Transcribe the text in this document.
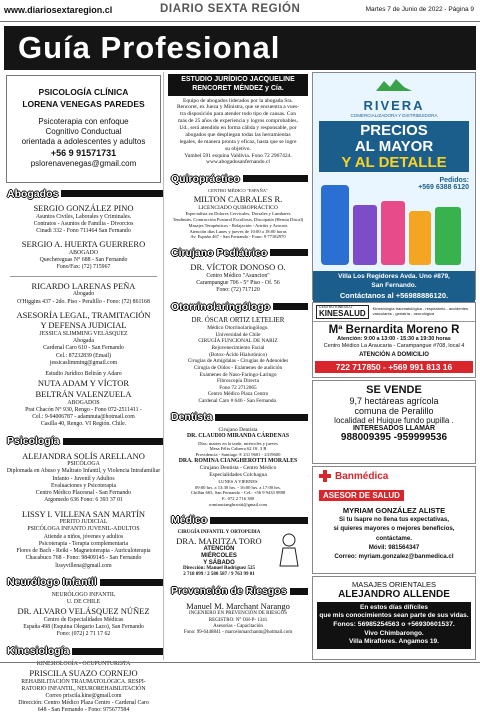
www.diariosextaregion.cl	DIARIO SEXTA REGIÓN	Martes 7 de Junio de 2022 - Página 9
Guía Profesional
PSICOLOGÍA CLÍNICA
LORENA VENEGAS PAREDES
Psicoterapia con enfoque
Cognitivo Conductual
orientada a adolescentes y adultos
+56 9 91571731
pslorenavenegas@gmail.com
Abogados
SERGIO GONZÁLEZ PINO
Asuntos Civiles, Laborales y Criminales.
Contratos - Asuntos de Familia - Divorcios
Cinadi 332 - Fono 711464 San Fernando
SERGIO A. HUERTA GUERRERO
ABOGADO
Quechereguas N° 688 - San Fernando
Fono/Fax: (72) 715967
RICARDO LARENAS PEÑA
Abogado
O'Higgins 437 - 2do. Piso - Peralillo - Fono: (72) 861168
ASESORÍA LEGAL, TRAMITACIÓN
Y DEFENSA JUDICIAL
JESSICA SLIMMING VELÁSQUEZ
Abogada
Cardenal Caro 610 - San Fernando
Cel.: 87232839 (Email)
jessicaslimming@gmail.com
Estudio Jurídico Beltrán y Adaro
NUTA ADAM Y VÍCTOR
BELTRÁN VALENZUELA
ABOGADOS
Prat Chacón N° 930, Rengo - Fono 072-2511411 -
Cel.: 9-94006787 - adamnuta@hotmail.com
Casilla 40, Rengo. VI Región. Chile.
Psicología
ALEJANDRA SOLÍS ARELLANO
PSICÓLOGA
Diplomada en Abuso y Maltrato Infantil, y Violencia Intrafamiliar
Infanto - Juvenil y Adultos
Evaluaciones y Psicoterapia
Centro Médico Placesnal - San Fernando
Argomedo 636 Fono: 6 393 37 01
LISSY I. VILLENA SAN MARTÍN
PERITO JUDICIAL
PSICÓLOGA INFANTO JUVENIL-ADULTOS
Atiende a niños, jóvenes y adultos
Psicoterapia - Terapia complementaria
Flores de Bach - Reiki - Magnetoterapia - Auriculoterapia
Chacabuco 768 - Fono: 98409145 - San Fernando
lissyvillena@gmail.com
Neurólogo Infantil
NEURÓLOGO INFANTIL
U. DE CHILE
DR. ALVARO VELÁSQUEZ NÚÑEZ
Centro de Especialidades Médicas
España 498 (Esquina Olegario Lazo), San Fernando
Fono: (072) 2 71 17 62
Kinesiología
KINESIOLOGÍA - OCUPUNTURISTA
PRISCILA SUAZO CORNEJO
REHABILITACIÓN TRAUMATOLÓGICA. RESPI-
RATORIO INFANTIL, NEUROREHABILITACIÓN
Correo priscila.kine@gmail.com
Dirección: Centro Médico Plaza Centro - Cardenal Caro
648 - San Fernando - Fono: 975677584
ESTUDIO JURÍDICO JACQUELINE
RENCORET MÉNDEZ y Cía.
Equipo de abogados liderados por la abogada Sra.
Rencoret, ex Jueza y Ministra, que se encuentra a vues-
tra disposición para atender todo tipo de causas. Con
más de 25 años de experiencia y logros comprobables,
Ud., será atendido en forma cálida y responsable, por
abogados que despliegan todas las herramientas
legales, de manera pronta y eficaz, hasta que se logre
su objetivo.
Yumbel 591 esquina Valdivia. Fono 72 2967424.
www.abogadosanfernando.cl
Quiropráctico
CENTRO MÉDICO "ESPAÑA"
MILTON CABRALES R.
LICENCIADO QUIROPRÁCTICO
Especialista en Dolores Cervicales, Dorsales y Lumbares
Tendinitis, Contracción Postural Escoliosis, Discopatía (Hernia Discal)
Masajes Terapéuticos - Relajación - Artritis y Artrosis
Atención días Lunes y jueves de 10:00 a 18:00 horas
Av. España 467 - San Fernando - Fono: 9 77182970
Cirujano Pediátrico
DR. VÍCTOR DONOSO O.
Centro Médico "Asuncion"
Carampangue 706 - 5° Piso - Of. 56
Fono: (72) 717120
Otorrinolaringólogo
DR. ÓSCAR ORTIZ LETELIER
Médico Otorrinolaringólogo.
Universidad de Chile
CIRUGÍA FUNCIONAL DE NARIZ
Rejuvenecimiento Facial
(Botox-Ácido Hialurónico)
Cirugías de Amígdalas - Cirugías de Adenoides
Cirugía de Oídos - Exámenes de audición
Exámenes de Naso-Faringo-Laringo
Fibroscopía Directa
Fono 72 2712065
Centro Médico Plaza Centro
Cardenal Caro # 646 - San Fernando.
Dentista
Cirujano Dentista
DR. CLAUDIO MIRANDA CÁRDENAS
Días: martes en la tarde, miércoles y jueves
Mesa Félix Cabrera 62 Of. 3 B
Providencia - Santiago ® 231 9601 - 2319600
DRA. ROMINA CIANGHEROTTI MORALES
Cirujano Dentista - Centro Médico
Especialidades Colchagua
LUNES A VIERNES
09:00 hrs. a 13:30 hrs. - 16:00 hrs. a 17:00 hrs.
Chillán 665, San Fernando - Cel.: +56 9 9433 9888
F.: 072 2 716 380
rominacianghrrotti@gmail.com
Médico
CIRUGÍA INFANTIL Y ORTOPEDIA
DRA. MARITZA TORO
ATENCIÓN
MIÉRCOLES
Y SÁBADO
Dirección: Manuel Rodríguez 525
2 718 099 / 2 580 587 / 9 763 99 01
Prevención de Riesgos
Manuel M. Marchant Narango
INGENIERO EN PREVENCIÓN DE RIESGOS
REGISTRO: N° OH-P- 1341
Asesorías - Capacitación
Fono: 99-6448841 - marcelomarchantn@hotmail.com
RIVERA
COMERCIALIZADORA Y DISTRIBUIDORA
PRECIOS
AL MAYOR
Y AL DETALLE
Pedidos:
+569 6388 6120
Villa Los Regidores Avda. Uno #879,
San Fernando.
Contáctanos al +56988886120.
CENTRO KINESICO
KINESALUD
Kinesiología traumatológica - respiratorio - accidentes vasculares - geriatría - neurológica
Mª Bernardita Moreno R
Atención: 9:00 a 13:00 - 15:30 a 19:30 horas
Centro Médico La Araucaria - Carampangue #708, local 4
ATENCIÓN A DOMICILIO
722 717850 - +569 991 813 16
SE VENDE
9,7 hectáreas agrícola
comuna de Peralillo
localidad el Huique fundo pupilla .
INTERESADOS LLAMAR
988009395 -959999536
Banmédica
ASESOR DE SALUD
MYRIAM GONZÁLEZ ALISTE
Si tu Isapre no llena tus expectativas,
si quieres mayores o mejores beneficios,
contáctame.
Móvil: 981564347
Correo: myriam.gonzalez@banmedica.cl
MASAJES ORIENTALES
ALEJANDRO ALLENDE
En estos días difíciles
que mis conocimientos sean parte de sus vidas.
Fonos: 56985254563 o +56930601537.
Vivo Chimbarongo.
Villa Miraflores. Angamos 19.
